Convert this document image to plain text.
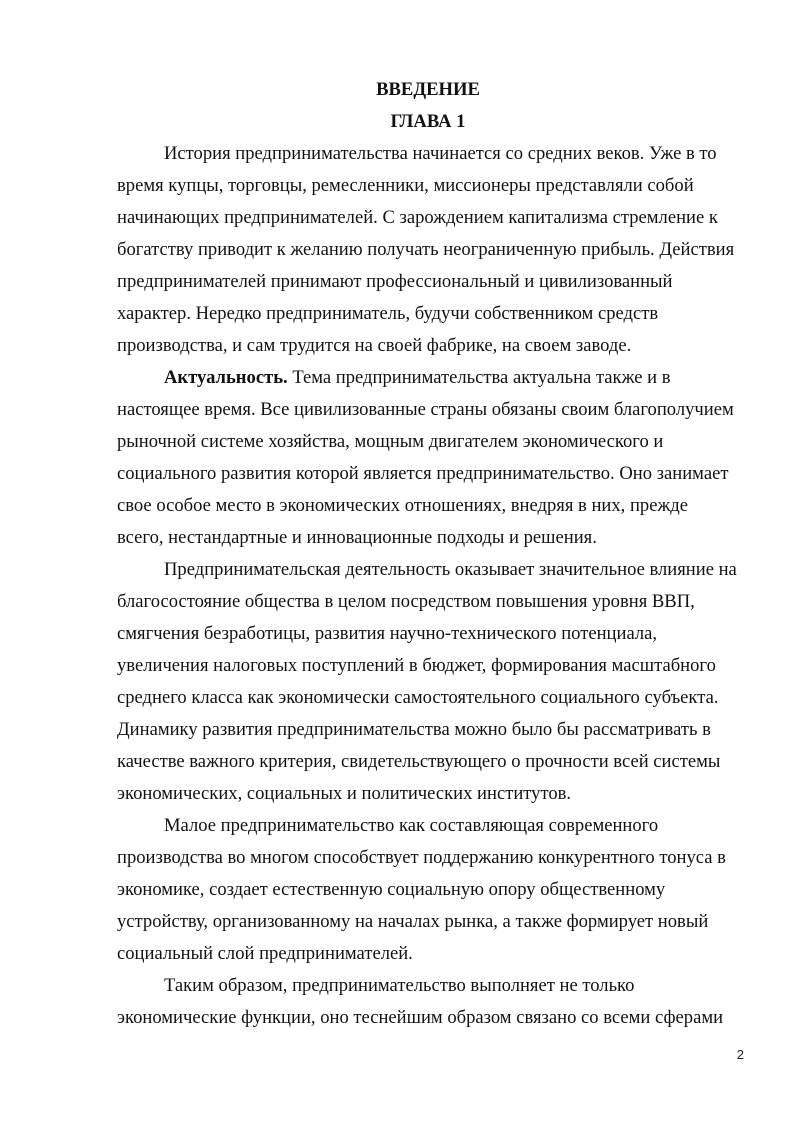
ВВЕДЕНИЕ

ГЛАВА 1

История предпринимательства начинается со средних веков. Уже в то время купцы, торговцы, ремесленники, миссионеры представляли собой начинающих предпринимателей. С зарождением капитализма стремление к богатству приводит к желанию получать неограниченную прибыль. Действия предпринимателей принимают профессиональный и цивилизованный характер. Нередко предприниматель, будучи собственником средств производства, и сам трудится на своей фабрике, на своем заводе.

Актуальность. Тема предпринимательства актуальна также и в настоящее время. Все цивилизованные страны обязаны своим благополучием рыночной системе хозяйства, мощным двигателем экономического и социального развития которой является предпринимательство. Оно занимает свое особое место в экономических отношениях, внедряя в них, прежде всего, нестандартные и инновационные подходы и решения.

Предпринимательская деятельность оказывает значительное влияние на благосостояние общества в целом посредством повышения уровня ВВП, смягчения безработицы, развития научно-технического потенциала, увеличения налоговых поступлений в бюджет, формирования масштабного среднего класса как экономически самостоятельного социального субъекта. Динамику развития предпринимательства можно было бы рассматривать в качестве важного критерия, свидетельствующего о прочности всей системы экономических, социальных и политических институтов.

Малое предпринимательство как составляющая современного производства во многом способствует поддержанию конкурентного тонуса в экономике, создает естественную социальную опору общественному устройству, организованному на началах рынка, а также формирует новый социальный слой предпринимателей.

Таким образом, предпринимательство выполняет не только экономические функции, оно теснейшим образом связано со всеми сферами

2
